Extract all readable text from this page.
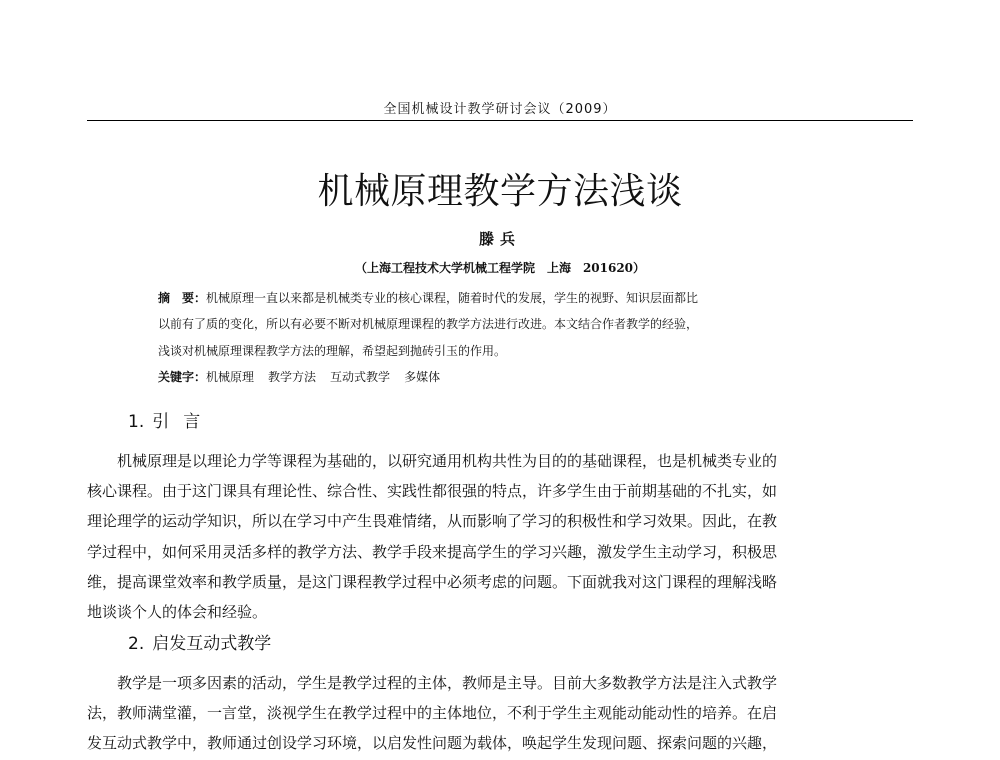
全国机械设计教学研讨会议（2009）
机械原理教学方法浅谈
滕兵
（上海工程技术大学机械工程学院　上海　201620）
摘　要：机械原理一直以来都是机械类专业的核心课程，随着时代的发展，学生的视野、知识层面都比
以前有了质的变化，所以有必要不断对机械原理课程的教学方法进行改进。本文结合作者教学的经验，
浅谈对机械原理课程教学方法的理解，希望起到抛砖引玉的作用。
关键字：机械原理 教学方法 互动式教学 多媒体
1. 引言
机械原理是以理论力学等课程为基础的，以研究通用机构共性为目的的基础课程，也是机械类专业的
核心课程。由于这门课具有理论性、综合性、实践性都很强的特点，许多学生由于前期基础的不扎实，如
理论理学的运动学知识，所以在学习中产生畏难情绪，从而影响了学习的积极性和学习效果。因此，在教
学过程中，如何采用灵活多样的教学方法、教学手段来提高学生的学习兴趣，激发学生主动学习，积极思
维，提高课堂效率和教学质量，是这门课程教学过程中必须考虑的问题。下面就我对这门课程的理解浅略
地谈谈个人的体会和经验。
2. 启发互动式教学
教学是一项多因素的活动，学生是教学过程的主体，教师是主导。目前大多数教学方法是注入式教学
法，教师满堂灌，一言堂，淡视学生在教学过程中的主体地位，不利于学生主观能动能动性的培养。在启
发互动式教学中，教师通过创设学习环境，以启发性问题为载体，唤起学生发现问题、探索问题的兴趣，
